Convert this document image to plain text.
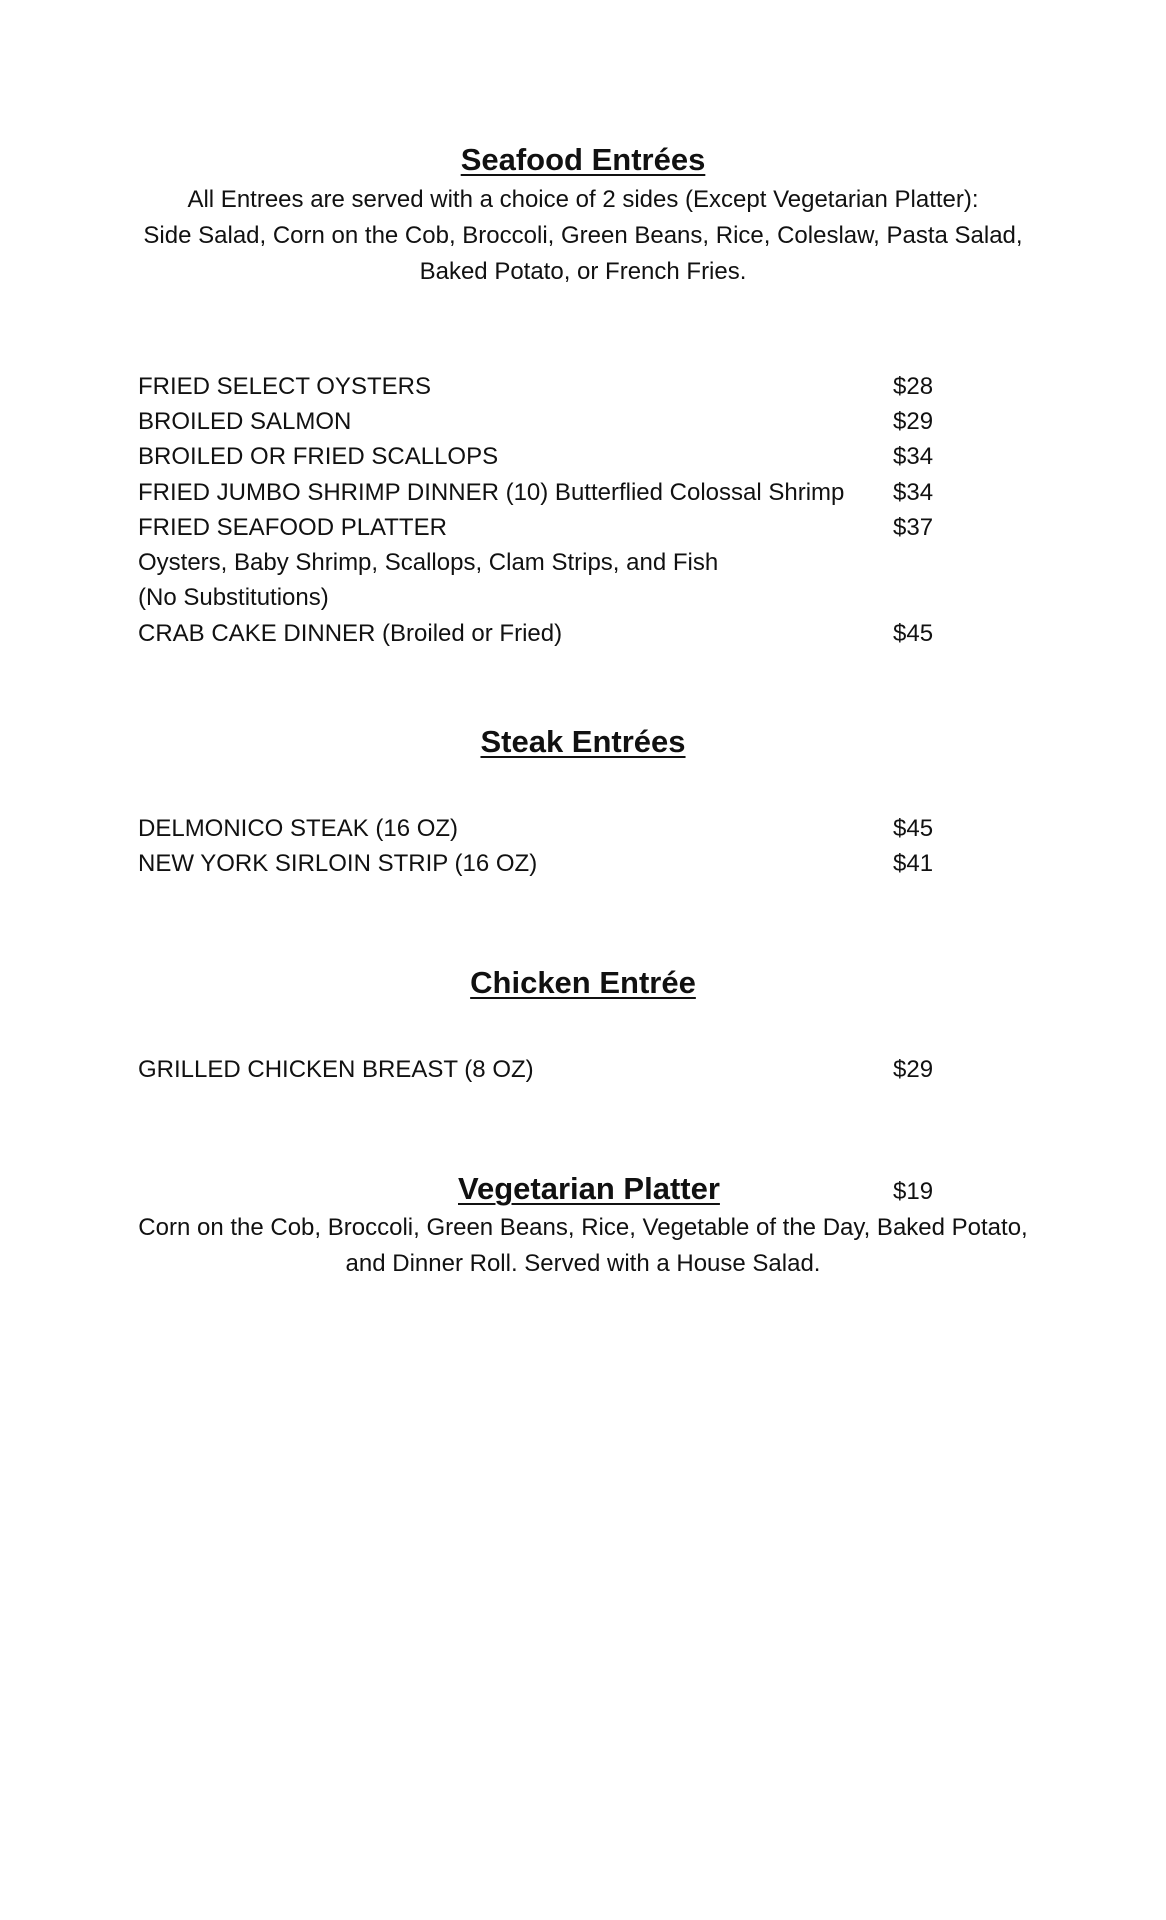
Seafood Entrées
All Entrees are served with a choice of 2 sides (Except Vegetarian Platter):
Side Salad, Corn on the Cob, Broccoli, Green Beans, Rice, Coleslaw, Pasta Salad,
Baked Potato, or French Fries.
FRIED SELECT OYSTERS	$28
BROILED SALMON	$29
BROILED OR FRIED SCALLOPS	$34
FRIED JUMBO SHRIMP DINNER (10) Butterflied Colossal Shrimp $34
FRIED SEAFOOD PLATTER	$37
Oysters, Baby Shrimp, Scallops, Clam Strips, and Fish
(No Substitutions)
CRAB CAKE DINNER (Broiled or Fried)	$45
Steak Entrées
DELMONICO STEAK (16 OZ)	$45
NEW YORK SIRLOIN STRIP (16 OZ)	$41
Chicken Entrée
GRILLED CHICKEN BREAST (8 OZ)	$29
Vegetarian Platter	$19
Corn on the Cob, Broccoli, Green Beans, Rice, Vegetable of the Day, Baked Potato,
and Dinner Roll. Served with a House Salad.
